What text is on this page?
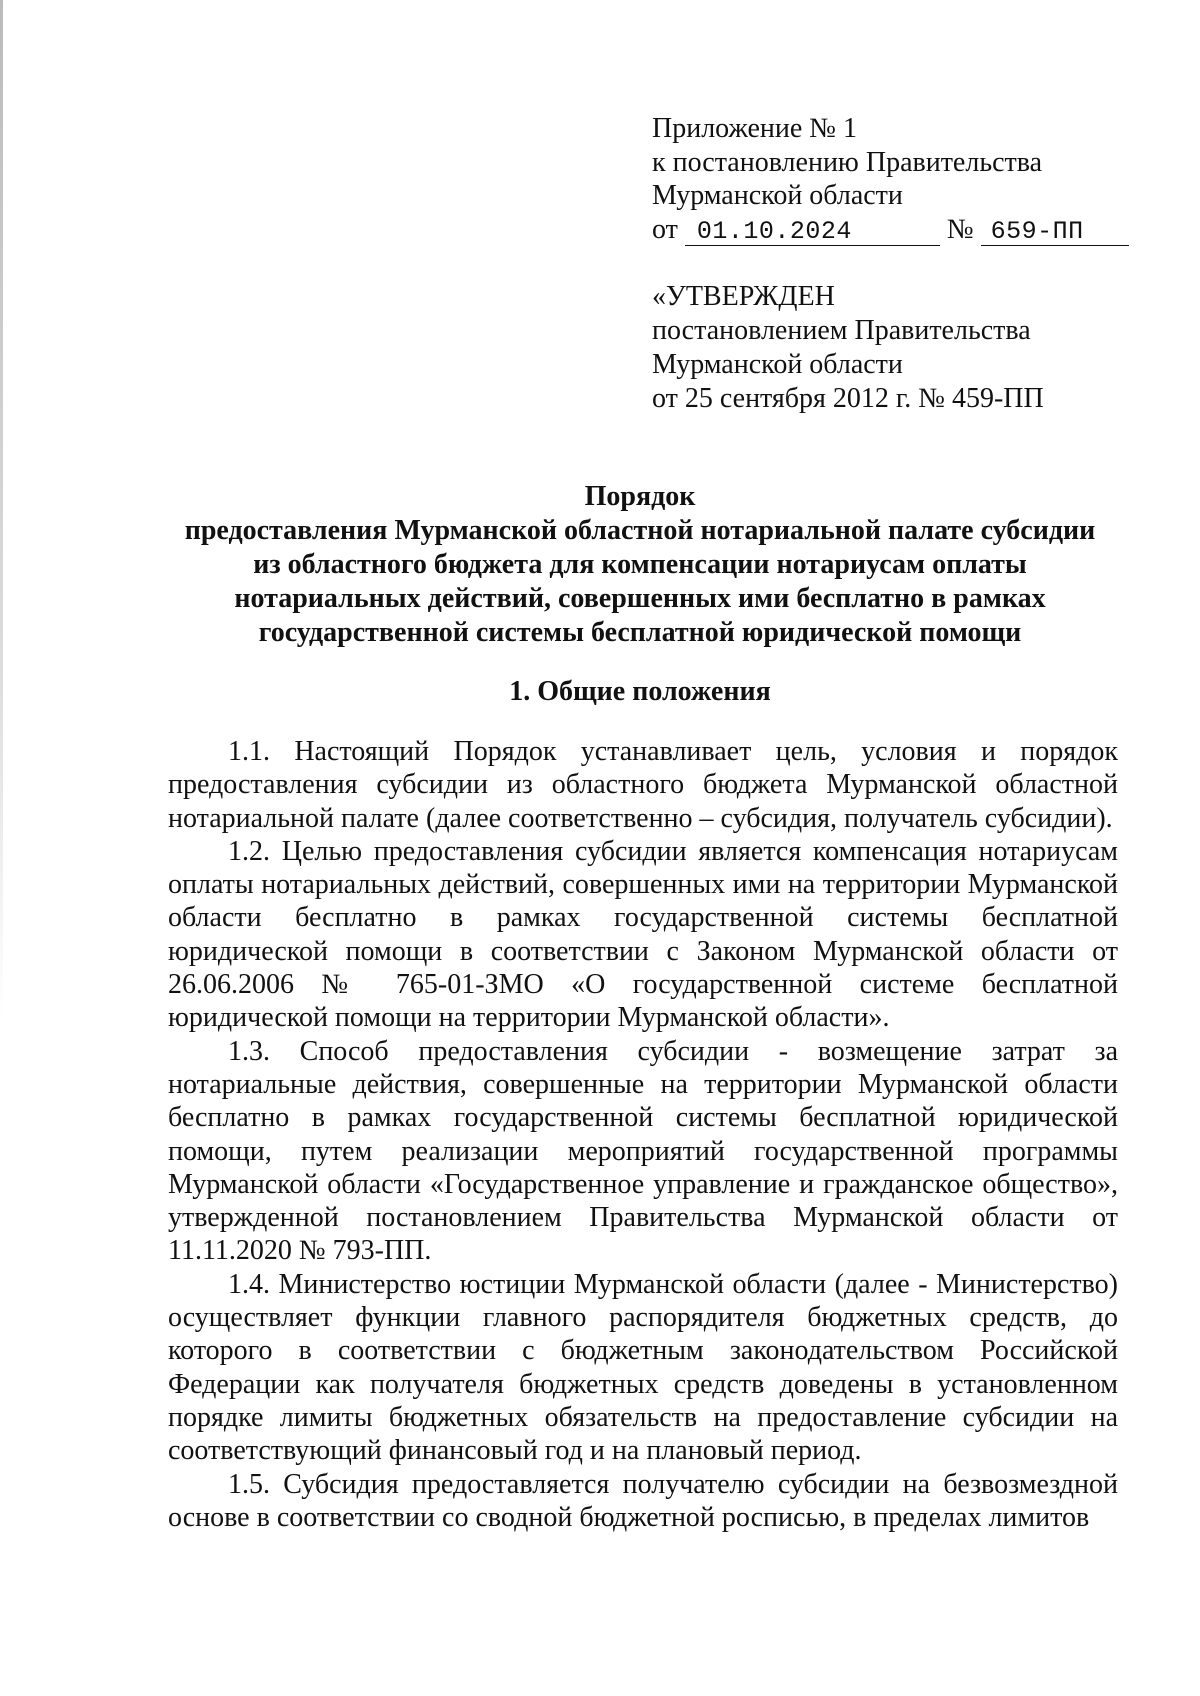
Приложение № 1
к постановлению Правительства
Мурманской области
от 01.10.2024	№ 659-ПП
«УТВЕРЖДЕН
постановлением Правительства
Мурманской области
от 25 сентября 2012 г. № 459-ПП
Порядок
предоставления Мурманской областной нотариальной палате субсидии
из областного бюджета для компенсации нотариусам оплаты
нотариальных действий, совершенных ими бесплатно в рамках
государственной системы бесплатной юридической помощи
1. Общие положения

1.1. Настоящий Порядок устанавливает цель, условия и порядок предоставления субсидии из областного бюджета Мурманской областной нотариальной палате (далее соответственно – субсидия, получатель субсидии).

1.2. Целью предоставления субсидии является компенсация нотариусам оплаты нотариальных действий, совершенных ими на территории Мурманской области бесплатно в рамках государственной системы бесплатной юридической помощи в соответствии с Законом Мурманской области от 26.06.2006 № 765-01-ЗМО «О государственной системе бесплатной юридической помощи на территории Мурманской области».

1.3. Способ предоставления субсидии - возмещение затрат за нотариальные действия, совершенные на территории Мурманской области бесплатно в рамках государственной системы бесплатной юридической помощи, путем реализации мероприятий государственной программы Мурманской области «Государственное управление и гражданское общество», утвержденной постановлением Правительства Мурманской области от 11.11.2020 № 793-ПП.

1.4. Министерство юстиции Мурманской области (далее - Министерство) осуществляет функции главного распорядителя бюджетных средств, до которого в соответствии с бюджетным законодательством Российской Федерации как получателя бюджетных средств доведены в установленном порядке лимиты бюджетных обязательств на предоставление субсидии на соответствующий финансовый год и на плановый период.

1.5. Субсидия предоставляется получателю субсидии на безвозмездной основе в соответствии со сводной бюджетной росписью, в пределах лимитов
